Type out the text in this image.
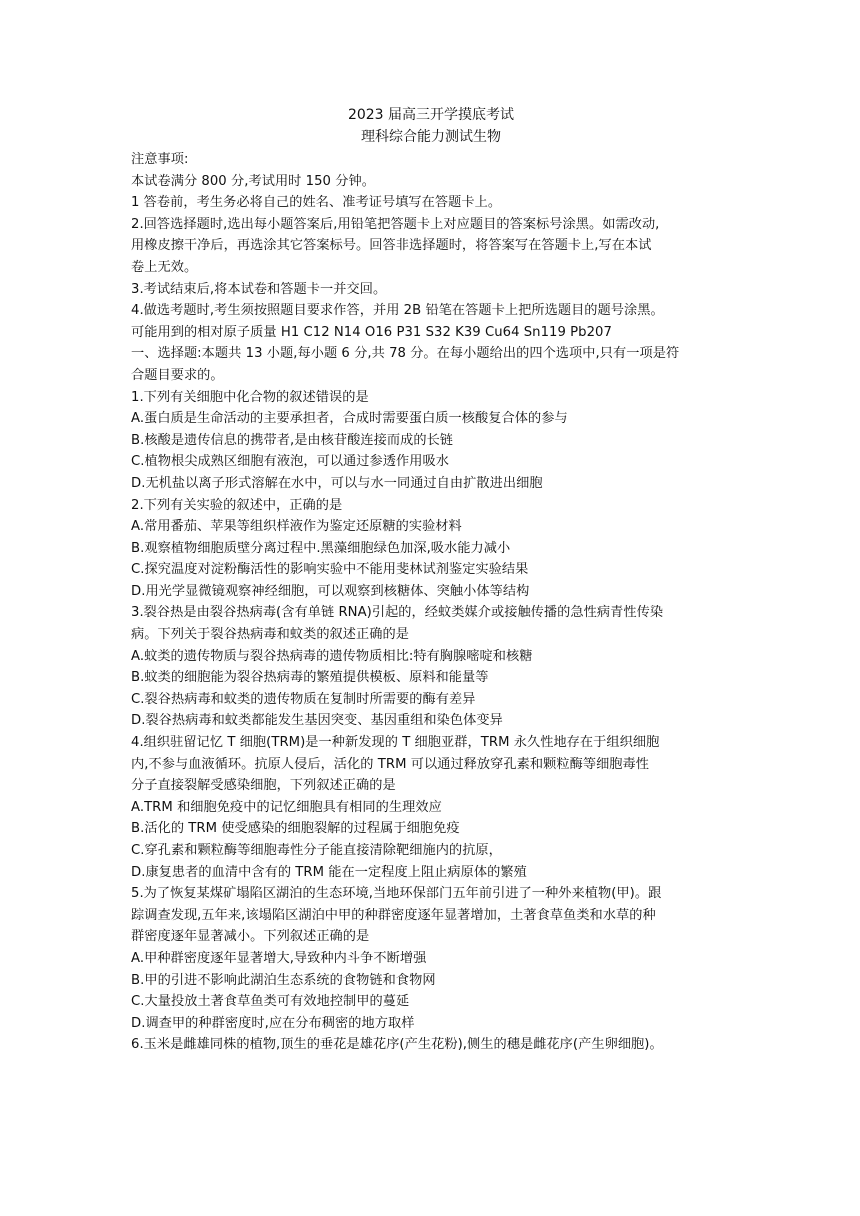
2023 届高三开学摸底考试

理科综合能力测试生物

注意事项:

本试卷满分 800 分,考试用时 150 分钟。

1 答卷前，考生务必将自己的姓名、准考证号填写在答题卡上。

2.回答选择题时,选出每小题答案后,用铅笔把答题卡上对应题目的答案标号涂黑。如需改动,

用橡皮擦干净后，再选涂其它答案标号。回答非选择题时，将答案写在答题卡上,写在本试

卷上无效。

3.考试结束后,将本试卷和答题卡一并交回。

4.做选考题时,考生须按照题目要求作答，并用 2B 铅笔在答题卡上把所选题目的题号涂黑。

可能用到的相对原子质量 H1 C12 N14 O16 P31 S32 K39 Cu64 Sn119 Pb207

一、选择题:本题共 13 小题,每小题 6 分,共 78 分。在每小题给出的四个选项中,只有一项是符

合题目要求的。

1.下列有关细胞中化合物的叙述错误的是

A.蛋白质是生命活动的主要承担者，合成时需要蛋白质一核酸复合体的参与

B.核酸是遗传信息的携带者,是由核苷酸连接而成的长链

C.植物根尖成熟区细胞有液泡，可以通过参透作用吸水

D.无机盐以离子形式溶解在水中，可以与水一同通过自由扩散进出细胞

2.下列有关实验的叙述中，正确的是

A.常用番茄、苹果等组织样液作为鉴定还原糖的实验材料

B.观察植物细胞质壁分离过程中.黑藻细胞绿色加深,吸水能力减小

C.探究温度对淀粉酶活性的影响实验中不能用斐林试剂鉴定实验结果

D.用光学显微镜观察神经细胞，可以观察到核糖体、突触小体等结构

3.裂谷热是由裂谷热病毒(含有单链 RNA)引起的，经蚊类媒介或接触传播的急性病青性传染

病。下列关于裂谷热病毒和蚊类的叙述正确的是

A.蚊类的遗传物质与裂谷热病毒的遗传物质相比:特有胸腺嘧啶和核糖

B.蚊类的细胞能为裂谷热病毒的繁殖提供模板、原料和能量等

C.裂谷热病毒和蚊类的遗传物质在复制时所需要的酶有差异

D.裂谷热病毒和蚊类都能发生基因突变、基因重组和染色体变异

4.组织驻留记忆 T 细胞(TRM)是一种新发现的 T 细胞亚群，TRM 永久性地存在于组织细胞

内,不参与血液循环。抗原人侵后，活化的 TRM 可以通过释放穿孔素和颗粒酶等细胞毒性

分子直接裂解受感染细胞，下列叙述正确的是

A.TRM 和细胞免疫中的记忆细胞具有相同的生理效应

B.活化的 TRM 使受感染的细胞裂解的过程属于细胞免疫

C.穿孔素和颗粒酶等细胞毒性分子能直接清除靶细施内的抗原，

D.康复患者的血清中含有的 TRM 能在一定程度上阻止病原体的繁殖

5.为了恢复某煤矿塌陷区湖泊的生态环境,当地环保部门五年前引进了一种外来植物(甲)。跟

踪调查发现,五年来,该塌陷区湖泊中甲的种群密度逐年显著增加，土著食草鱼类和水草的种

群密度逐年显著减小。下列叙述正确的是

A.甲种群密度逐年显著增大,导致种内斗争不断增强

B.甲的引进不影响此湖泊生态系统的食物链和食物网

C.大量投放土著食草鱼类可有效地控制甲的蔓延

D.调查甲的种群密度时,应在分布稠密的地方取样

6.玉米是雌雄同株的植物,顶生的垂花是雄花序(产生花粉),侧生的穗是雌花序(产生卵细胞)。
